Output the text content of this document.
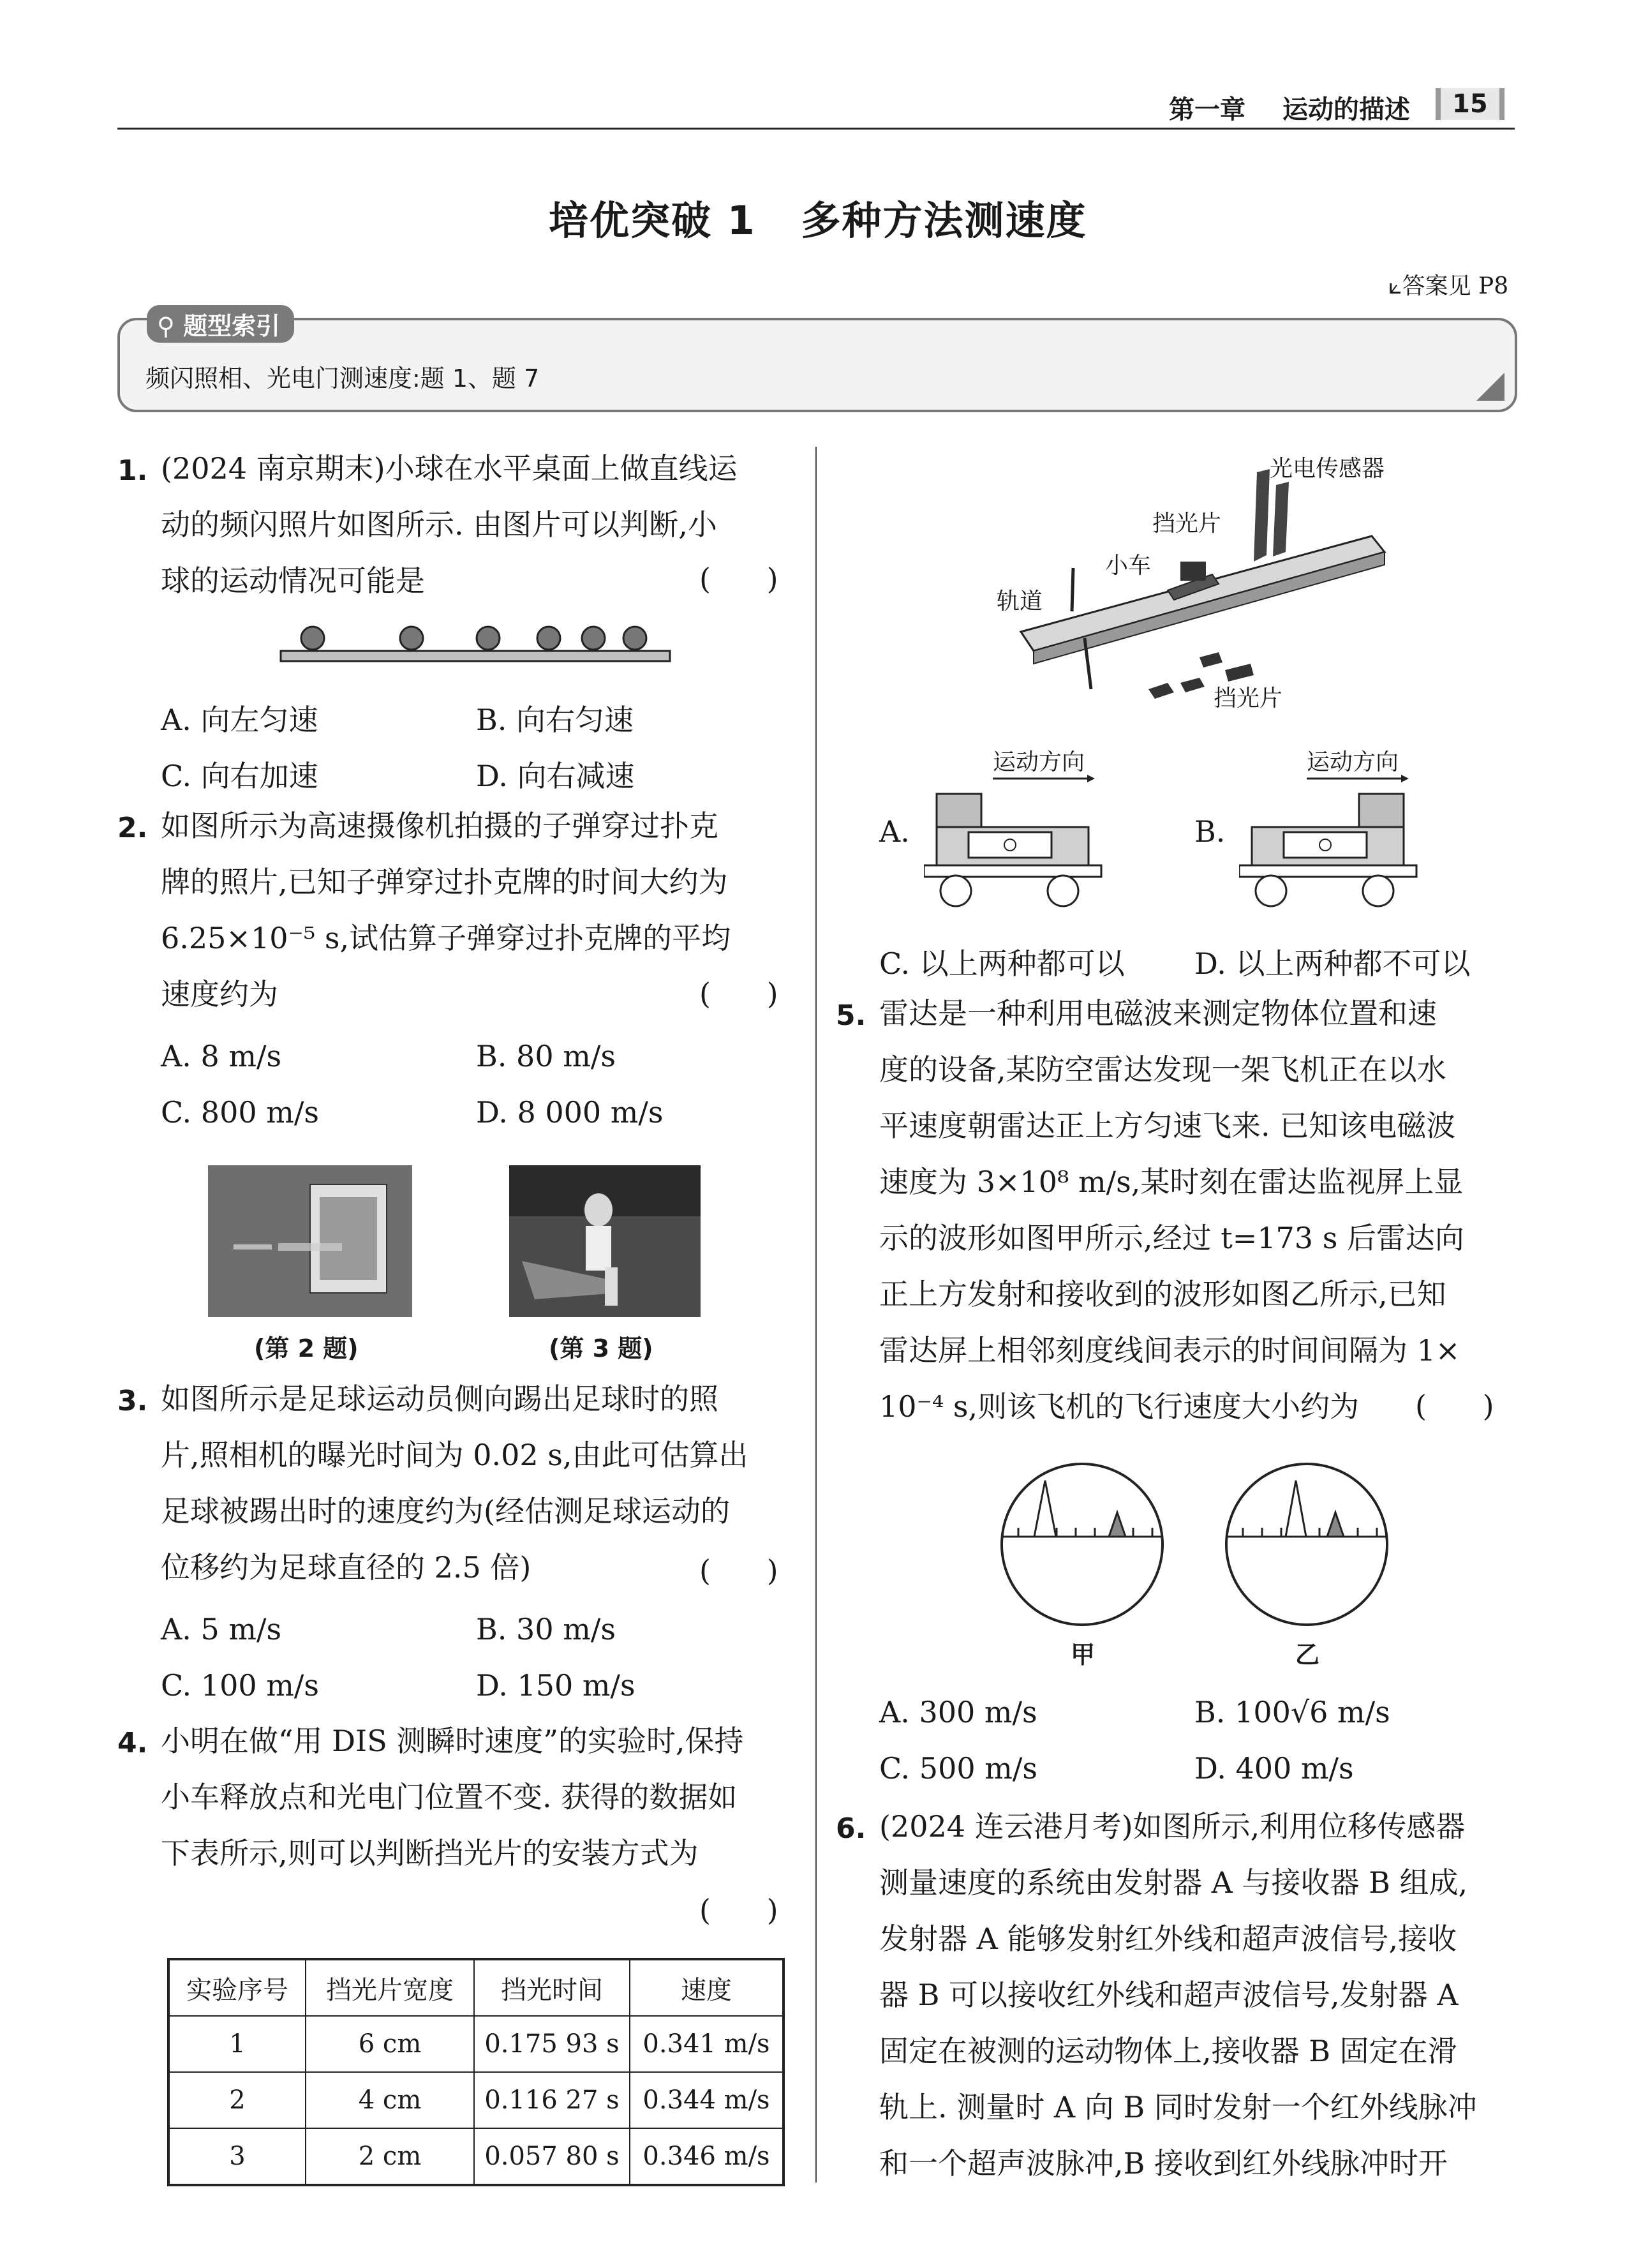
第一章 运动的描述	15
培优突破 1   多种方法测速度
⟀答案见 P8
⚲ 题型索引
频闪照相、光电门测速度:题 1、题 7
1. (2024 南京期末)小球在水平桌面上做直线运
动的频闪照片如图所示. 由图片可以判断,小
球的运动情况可能是	(      )
A. 向左匀速	B. 向右匀速
C. 向右加速	D. 向右减速
2. 如图所示为高速摄像机拍摄的子弹穿过扑克
牌的照片,已知子弹穿过扑克牌的时间大约为
6.25×10⁻⁵ s,试估算子弹穿过扑克牌的平均
速度约为	(      )
A. 8 m/s	B. 80 m/s
C. 800 m/s	D. 8 000 m/s
(第 2 题)	(第 3 题)
3. 如图所示是足球运动员侧向踢出足球时的照
片,照相机的曝光时间为 0.02 s,由此可估算出
足球被踢出时的速度约为(经估测足球运动的
位移约为足球直径的 2.5 倍)	(      )
A. 5 m/s	B. 30 m/s
C. 100 m/s	D. 150 m/s
4. 小明在做“用 DIS 测瞬时速度”的实验时,保持
小车释放点和光电门位置不变. 获得的数据如
下表所示,则可以判断挡光片的安装方式为
(      )
实验序号	挡光片宽度	挡光时间	速度
1	6 cm	0.175 93 s	0.341 m/s
2	4 cm	0.116 27 s	0.344 m/s
3	2 cm	0.057 80 s	0.346 m/s
光电传感器
挡光片
小车
轨道
挡光片
A.
运动方向
B.
运动方向
C. 以上两种都可以 D. 以上两种都不可以
5. 雷达是一种利用电磁波来测定物体位置和速
度的设备,某防空雷达发现一架飞机正在以水
平速度朝雷达正上方匀速飞来. 已知该电磁波
速度为 3×10⁸ m/s,某时刻在雷达监视屏上显
示的波形如图甲所示,经过 t=173 s 后雷达向
正上方发射和接收到的波形如图乙所示,已知
雷达屏上相邻刻度线间表示的时间间隔为 1×
10⁻⁴ s,则该飞机的飞行速度大小约为	(      )
甲	乙
A. 300 m/s	B. 100√6 m/s
C. 500 m/s	D. 400 m/s
6. (2024 连云港月考)如图所示,利用位移传感器
测量速度的系统由发射器 A 与接收器 B 组成,
发射器 A 能够发射红外线和超声波信号,接收
器 B 可以接收红外线和超声波信号,发射器 A
固定在被测的运动物体上,接收器 B 固定在滑
轨上. 测量时 A 向 B 同时发射一个红外线脉冲
和一个超声波脉冲,B 接收到红外线脉冲时开
